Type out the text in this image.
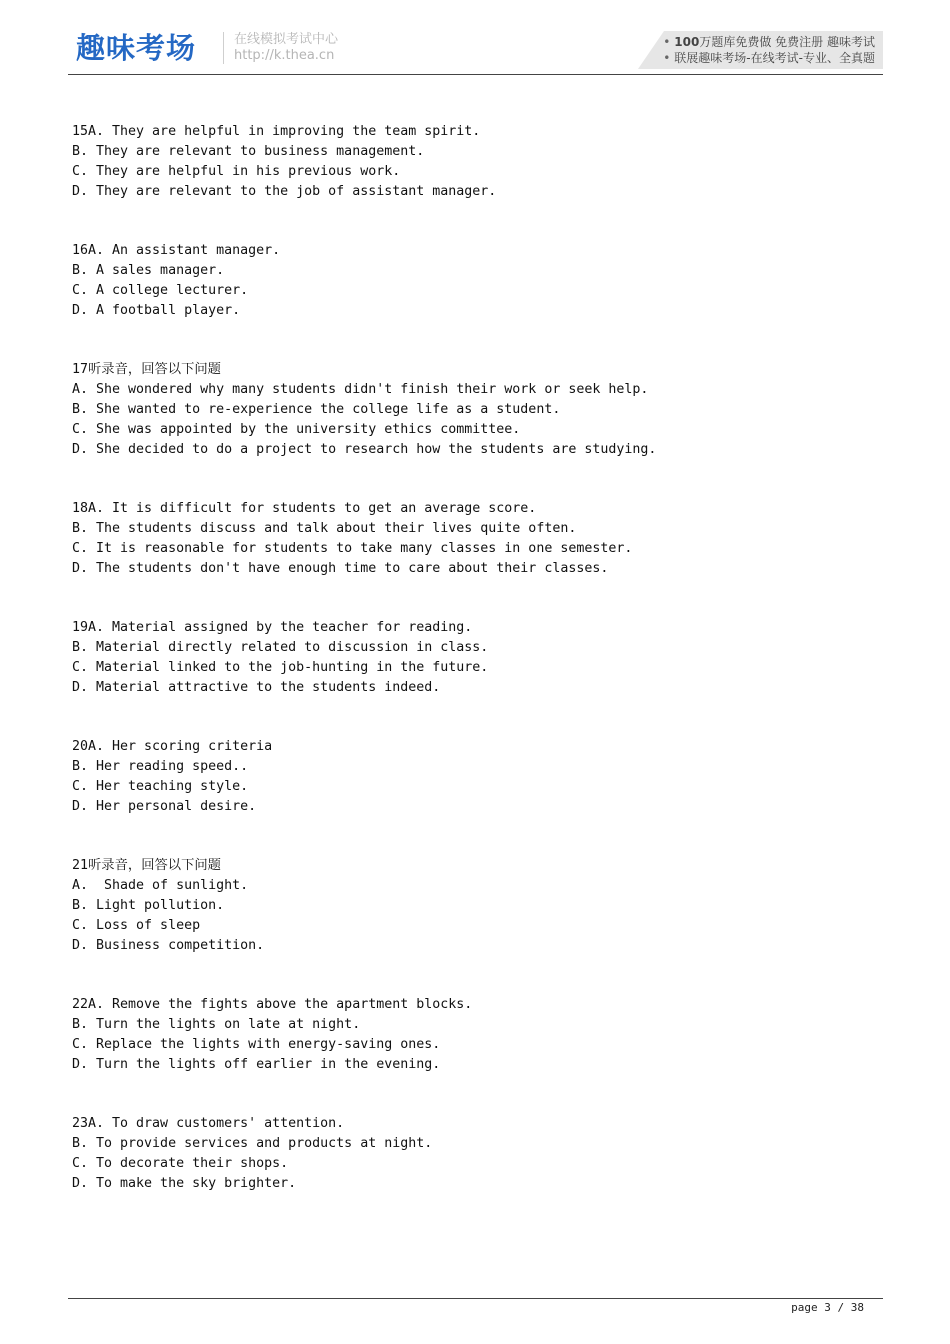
趣味考场	在线模拟考试中心
http://k.thea.cn
• 100万题库免费做 免费注册 趣味考试
• 联展趣味考场-在线考试-专业、全真题
15A. They are helpful in improving the team spirit.
B. They are relevant to business management.
C. They are helpful in his previous work.
D. They are relevant to the job of assistant manager.
16A. An assistant manager.
B. A sales manager.
C. A college lecturer.
D. A football player.
17听录音，回答以下问题
A. She wondered why many students didn't finish their work or seek help.
B. She wanted to re-experience the college life as a student.
C. She was appointed by the university ethics committee.
D. She decided to do a project to research how the students are studying.
18A. It is difficult for students to get an average score.
B. The students discuss and talk about their lives quite often.
C. It is reasonable for students to take many classes in one semester.
D. The students don't have enough time to care about their classes.
19A. Material assigned by the teacher for reading.
B. Material directly related to discussion in class.
C. Material linked to the job-hunting in the future.
D. Material attractive to the students indeed.
20A. Her scoring criteria
B. Her reading speed..
C. Her teaching style.
D. Her personal desire.
21听录音，回答以下问题
A.  Shade of sunlight.
B. Light pollution.
C. Loss of sleep
D. Business competition.
22A. Remove the fights above the apartment blocks.
B. Turn the lights on late at night.
C. Replace the lights with energy-saving ones.
D. Turn the lights off earlier in the evening.
23A. To draw customers' attention.
B. To provide services and products at night.
C. To decorate their shops.
D. To make the sky brighter.
page 3 / 38
